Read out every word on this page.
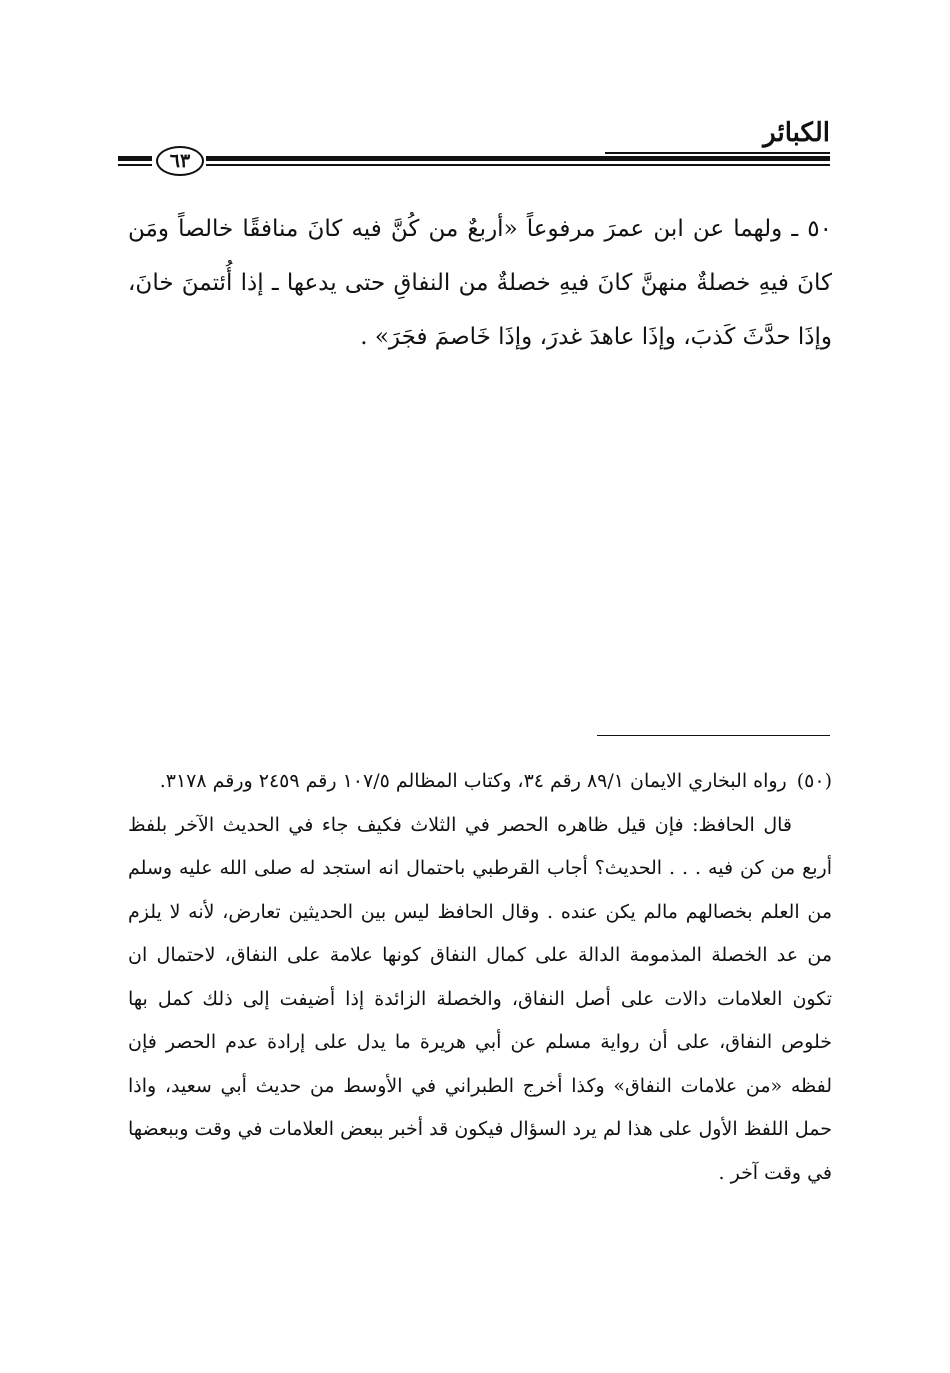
الكبائر
٦٣
٥٠ ـ ولهما عن ابن عمرَ مرفوعاً «أربعٌ من كُنَّ فيه كانَ منافقًا خالصاً ومَن كانَ فيهِ خصلةٌ منهنَّ كانَ فيهِ خصلةٌ من النفاقِ حتى يدعها ـ إذا أُئتمنَ خانَ، وإذَا حدَّثَ كَذبَ، وإذَا عاهدَ غدرَ، وإذَا خَاصمَ فجَرَ» .

(٥٠)رواه البخاري الايمان ٨٩/١ رقم ٣٤، وكتاب المظالم ١٠٧/٥ رقم ٢٤٥٩ ورقم ٣١٧٨.

قال الحافظ: فإن قيل ظاهره الحصر في الثلاث فكيف جاء في الحديث الآخر بلفظ أربع من كن فيه . . . الحديث؟ أجاب القرطبي باحتمال انه استجد له صلى الله عليه وسلم من العلم بخصالهم مالم يكن عنده . وقال الحافظ ليس بين الحديثين تعارض، لأنه لا يلزم من عد الخصلة المذمومة الدالة على كمال النفاق كونها علامة على النفاق، لاحتمال ان تكون العلامات دالات على أصل النفاق، والخصلة الزائدة إذا أضيفت إلى ذلك كمل بها خلوص النفاق، على أن رواية مسلم عن أبي هريرة ما يدل على إرادة عدم الحصر فإن لفظه «من علامات النفاق» وكذا أخرج الطبراني في الأوسط من حديث أبي سعيد، واذا حمل اللفظ الأول على هذا لم يرد السؤال فيكون قد أخبر ببعض العلامات في وقت وببعضها في وقت آخر .
